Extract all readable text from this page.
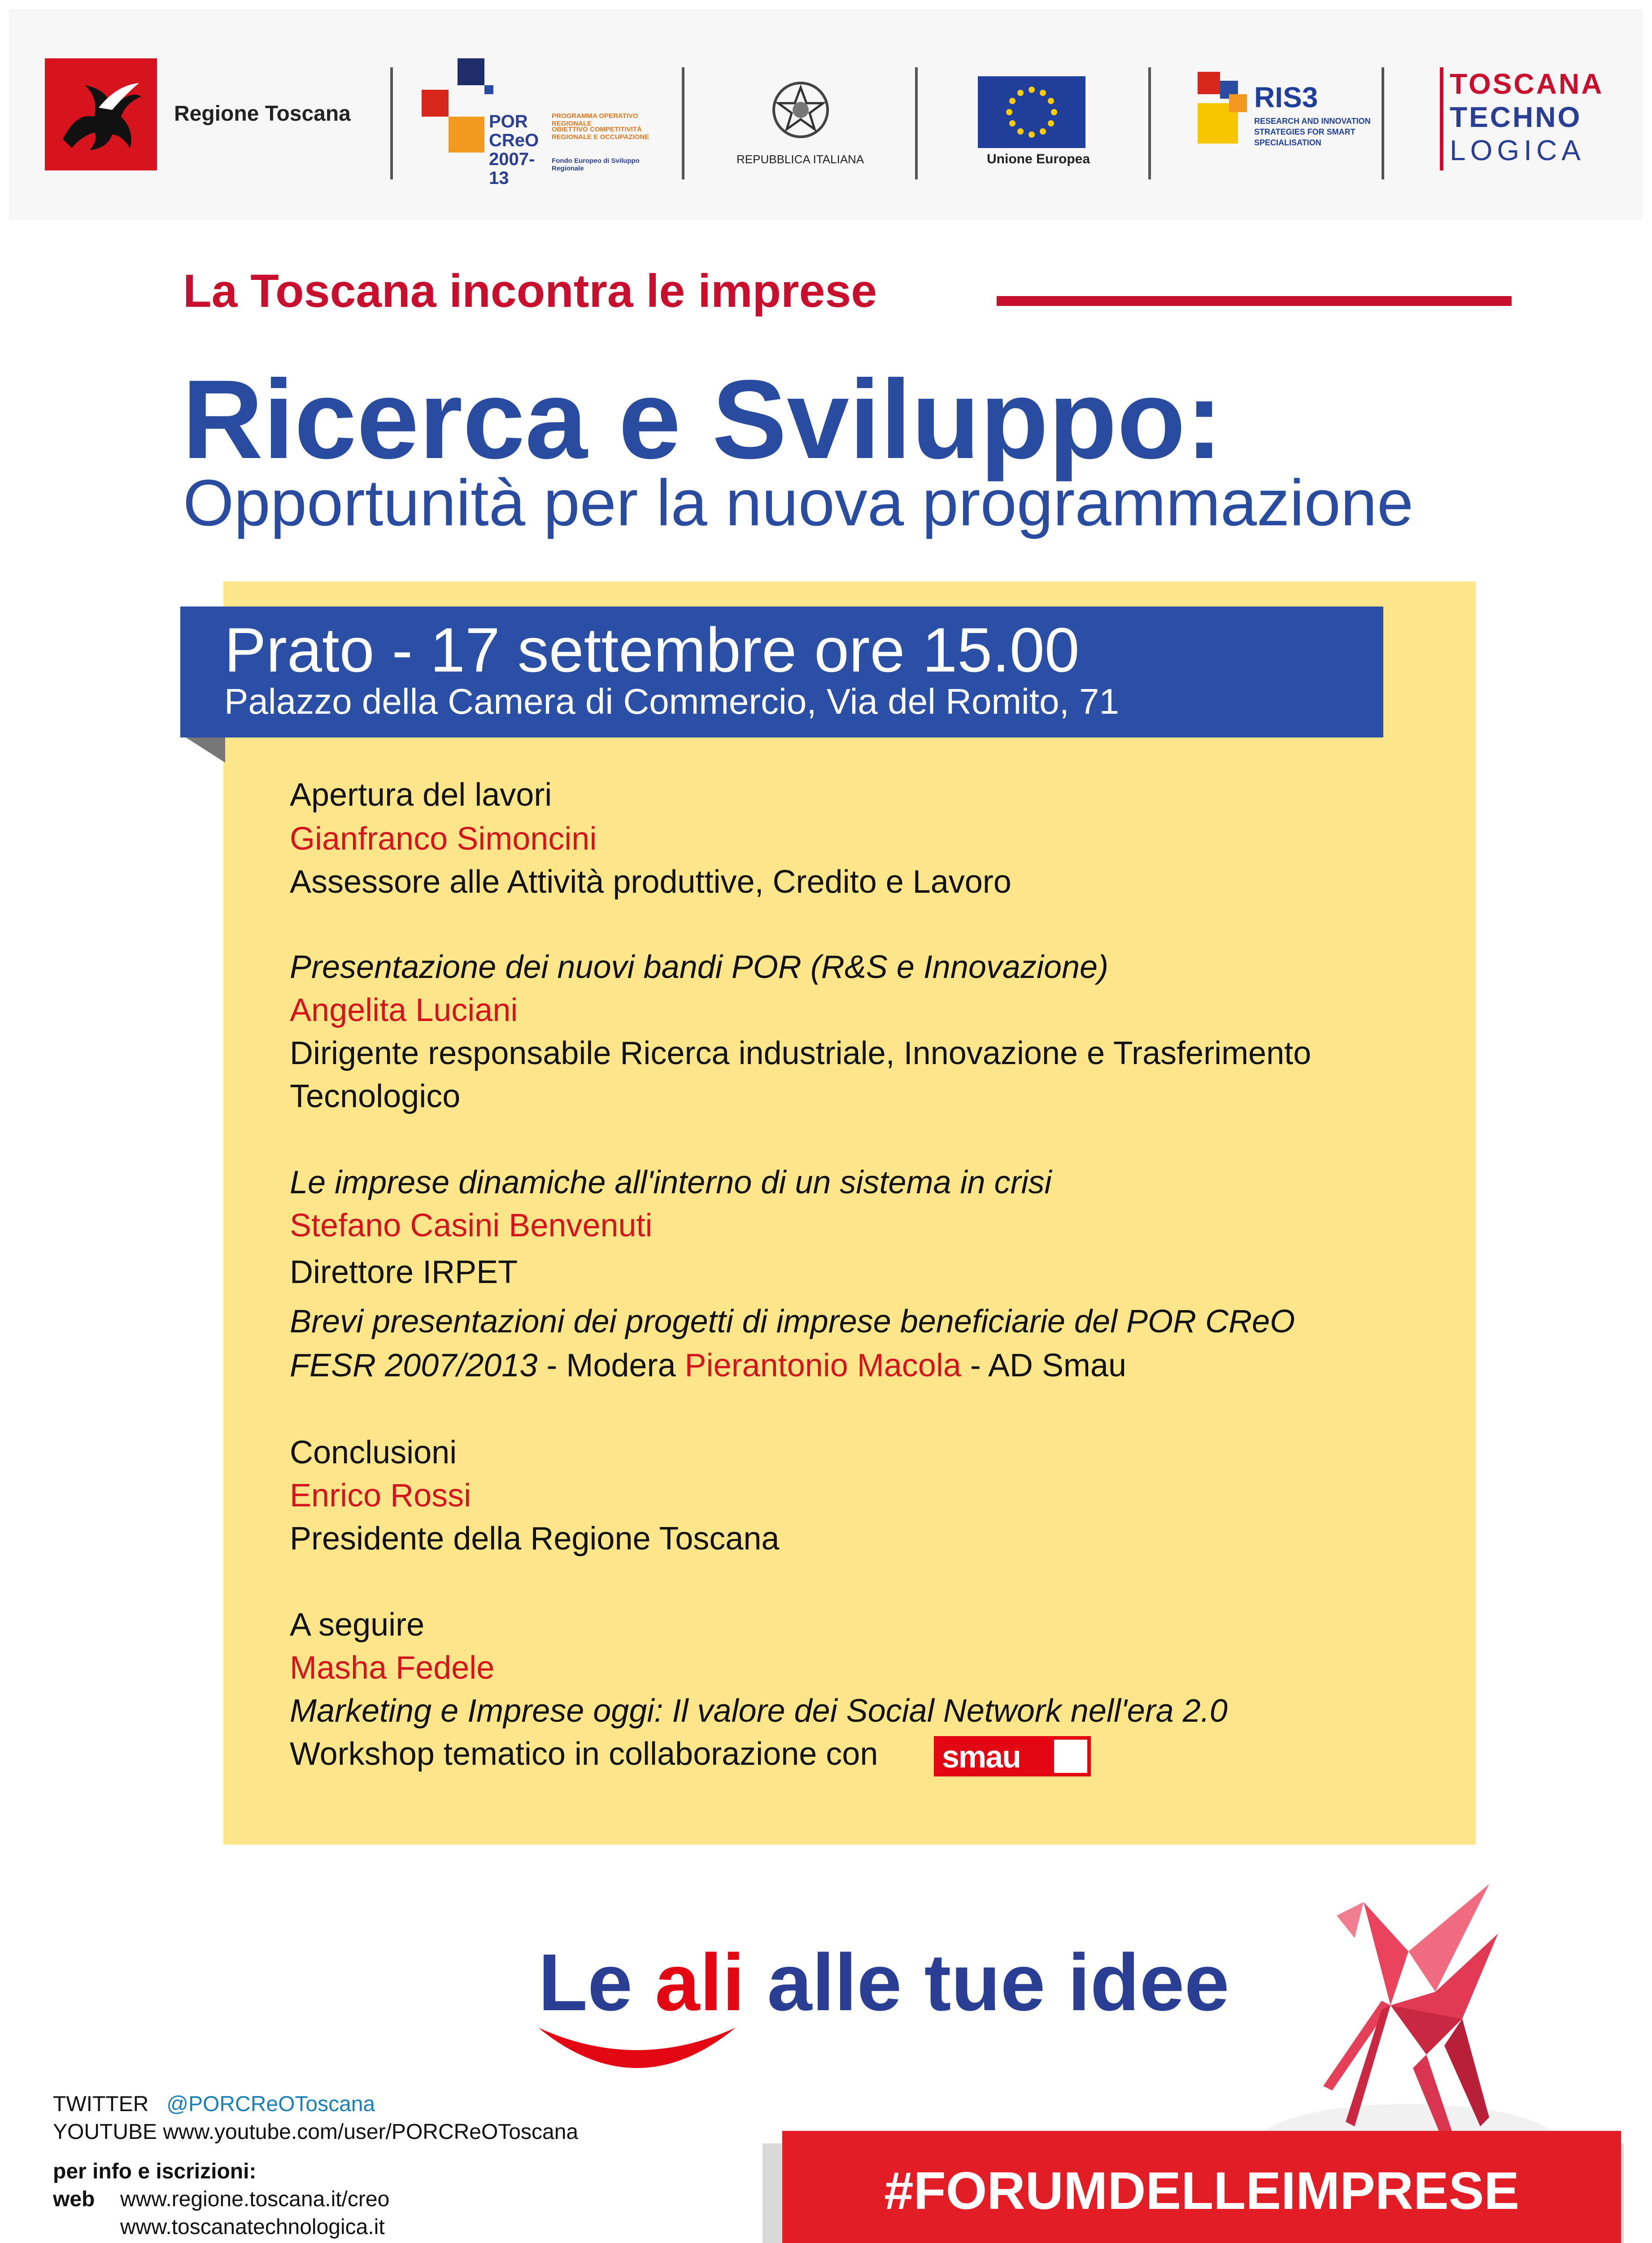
Regione Toscana	POR CReO 2007-13
PROGRAMMA OPERATIVO REGIONALE
OBIETTIVO COMPETITIVITÀ REGIONALE E OCCUPAZIONE
Fondo Europeo di Sviluppo Regionale
REPUBBLICA ITALIANA	Unione Europea
RIS3
RESEARCH AND INNOVATION
STRATEGIES FOR SMART
SPECIALISATION
TOSCANA
TECHNO
LOGICA
La Toscana incontra le imprese
Ricerca e Sviluppo:
Opportunità per la nuova programmazione
Prato - 17 settembre ore 15.00
Palazzo della Camera di Commercio, Via del Romito, 71
Apertura del lavori
Gianfranco Simoncini
Assessore alle Attività produttive, Credito e Lavoro
Presentazione dei nuovi bandi POR (R&S e Innovazione)
Angelita Luciani
Dirigente responsabile Ricerca industriale, Innovazione e Trasferimento
Tecnologico
Le imprese dinamiche all'interno di un sistema in crisi
Stefano Casini Benvenuti
Direttore IRPET
Brevi presentazioni dei progetti di imprese beneficiarie del POR CReO
FESR 2007/2013 - Modera Pierantonio Macola - AD Smau
Conclusioni
Enrico Rossi
Presidente della Regione Toscana
A seguire
Masha Fedele
Marketing e Imprese oggi: Il valore dei Social Network nell'era 2.0
Workshop tematico in collaborazione con smau
Le ali alle tue idee
TWITTER @PORCReOToscana
YOUTUBE www.youtube.com/user/PORCReOToscana
per info e iscrizioni:
web www.regione.toscana.it/creo
www.toscanatechnologica.it
#FORUMDELLEIMPRESE
